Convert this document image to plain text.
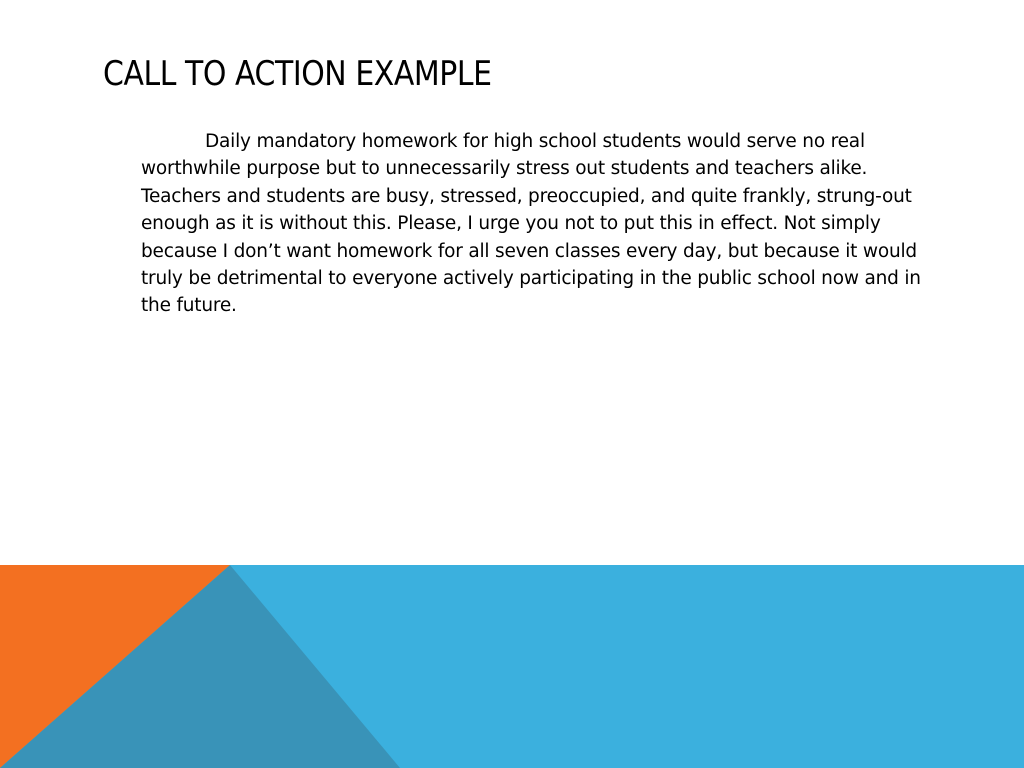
CALL TO ACTION EXAMPLE

Daily mandatory homework for high school students would serve no real worthwhile purpose but to unnecessarily stress out students and teachers alike. Teachers and students are busy, stressed, preoccupied, and quite frankly, strung-out enough as it is without this. Please, I urge you not to put this in effect. Not simply because I don’t want homework for all seven classes every day, but because it would truly be detrimental to everyone actively participating in the public school now and in the future.
